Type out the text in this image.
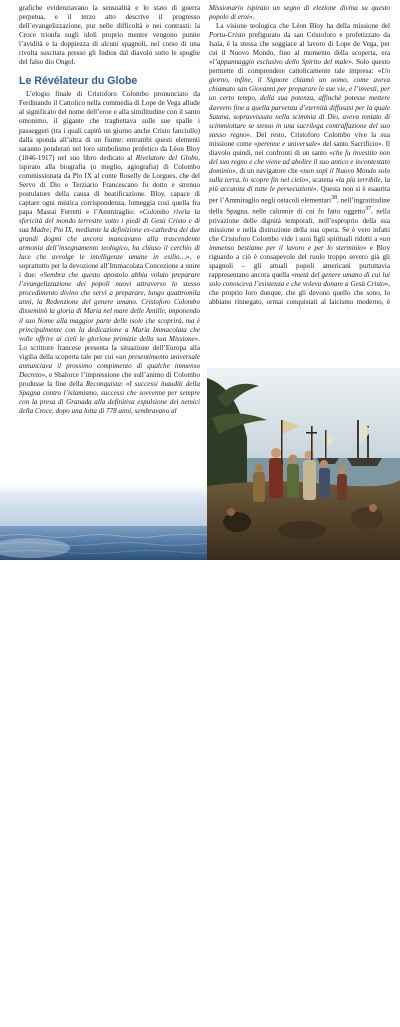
grafiche evidenziavano la sensualità e lo stato di guerra perpetua, e il terzo atto descrive il progresso dell’evangelizzazione, pur nelle difficoltà e nei contrasti: la Croce trionfa sugli idoli proprio mentre vengono punite l’avidità e la doppiezza di alcuni spagnoli, nel corso di una rivolta suscitata presso gli Indios dal diavolo sotto le spoglie del falso dio Ongol.

Le Révélateur du Globe

L’elogio finale di Cristoforo Colombo pronunciato da Ferdinando il Cattolico nella commedia di Lope de Vega allude al significato del nome dell’eroe e alla similitudine con il santo omonimo, il gigante che traghettava sulle sue spalle i passeggeri (tra i quali capitò un giorno anche Cristo fanciullo) dalla sponda all’altra di un fiume: entrambi questi elementi saranno ponderati nel loro simbolismo profetico da Léon Bloy (1846-1917) nel suo libro dedicato al Rivelatore del Globo, ispirato alla biografia (o meglio, agiografia) di Colombo commissionata da Pio IX al conte Roselly de Lorgues, che del Servo di Dio e Terziario Francescano fu dotto e strenuo postulatore della causa di beatificazione. Bloy, capace di captare ogni mistica corrispondenza, lumeggia così quella fra papa Mastai Ferretti e l’Ammiraglio: «Colombo rivela la sfericità del mondo terrestre sotto i piedi di Gesù Cristo e di sua Madre; Pio IX, mediante la definizione ex-cathedra dei due grandi dogmi che ancora mancavano alla trascendente armonia dell’insegnamento teologico, ha chiuso il cerchio di luce che avvolge le intelligenze umane in esilio…», e soprattutto per la devozione all’Immacolata Concezione a unire i due: «Sembra che questo apostolo abbia voluto preparare l’evangelizzazione dei popoli nuovi attraverso lo stesso procedimento divino che servì a preparare, lungo quattromila anni, la Redenzione del genere umano. Cristoforo Colombo disseminò la gloria di Maria nel mare delle Antille, imponendo il suo Nome alla maggior parte delle isole che scoprirà, ma è principalmente con la dedicazione a Maria Immacolata che volle offrire ai cieli le gloriose primizie della sua Missione». Lo scrittore francese presenta la situazione dell’Europa alla vigilia della scoperta tale per cui «un presentimento universale annunciava il prossimo compimento di qualche immenso Decreto», e Sbalorce l’impressione che sull’animo di Colombo produsse la fine della Reconquista: «I successi inauditi della Spagna contro l’islamismo, successi che sovvenne per sempre con la presa di Granada alla definitiva espulsione dei nemici della Croce, dopo una lotta di 778 anni, sembravano al

32

Missionario ispirato un segno di elezione divina su questo popolo di eroi».

La visione teologica che Léon Bloy ha della missione del Portu-Cristo prefigurato da san Cristoforo e profetizzato da Isaia, è la stessa che soggiace al lavoro di Lope de Vega, per cui il Nuovo Mondo, fino al momento della scoperta, era «l’appannaggio esclusivo dello Spirito del male». Solo questo permette di comprendere cattolicamente tale impresa: «Un giorno, infine, il Signore chiamò un uomo, come aveva chiamato san Giovanni per preparare le sue vie, e l’investì, per un certo tempo, della sua potenza, affinché potesse mettere davvero fine a quella parvenza d’eternità diffusasi per la quale Satana, sopravvissuto nella scimmia di Dio, aveva tentato di scimmiottare se stesso in una sacrilega contraffazione del suo stesso regno». Del resto, Cristoforo Colombo vive la sua missione come «perenne e universale» del santo Sacrificio». Il diavolo quindi, nei confronti di un santo «che fu investito non del suo regno e che viene ad abolire il suo antico e incontestato dominio», di un navigatore che «non sopì il Nuovo Mondo solo sulla terra, lo scopre fin nel cielo», scatena «la più terribile, la più accanita di tutte le persecuzioni». Questa non si è esaurita per l’Ammiraglio negli ostacoli elementari$^{38}$, nell’ingratitudine della Spagna, nelle calunnie di cui fu fatto oggetto$^{37}$, nella privazione delle dignità temporali, nell’esproprio della sua missione e nella distruzione della sua opera. Se è vero infatti che Cristoforo Colombo vide i suoi figli spirituali ridotti a «un immenso bestiame per il lavoro e per lo sterminio» e Bloy riguardo a ciò è consapevole del ruolo troppo severo già gli spagnoli – gli attuali popoli americani purtuttavia rappresentano ancora quella «metà del genere umano di cui lui solo conosceva l’esistenza e che voleva donare a Gesù Cristo», che proprio loro dunque, che gli devono quello che sono, lo abbiano rinnegato, ormai conquistati al laicismo moderno, è
